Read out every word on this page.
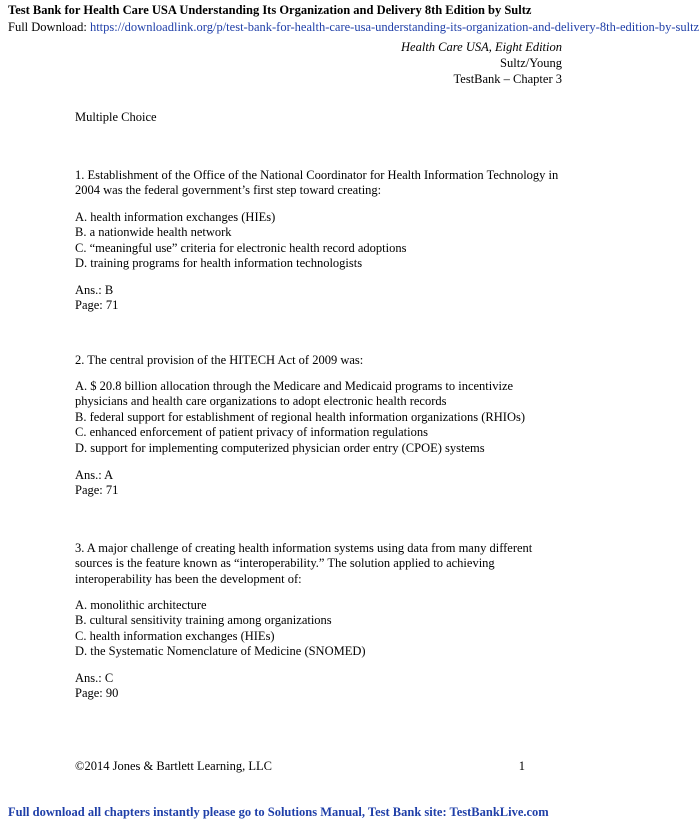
Test Bank for Health Care USA Understanding Its Organization and Delivery 8th Edition by Sultz
Full Download: https://downloadlink.org/p/test-bank-for-health-care-usa-understanding-its-organization-and-delivery-8th-edition-by-sultz
Health Care USA, Eight Edition
Sultz/Young
TestBank – Chapter 3

Multiple Choice

1. Establishment of the Office of the National Coordinator for Health Information Technology in

2004 was the federal government’s first step toward creating:

A. health information exchanges (HIEs)

B. a nationwide health network

C. “meaningful use” criteria for electronic health record adoptions

D. training programs for health information technologists

Ans.: B

Page: 71

2. The central provision of the HITECH Act of 2009 was:

A. $ 20.8 billion allocation through the Medicare and Medicaid programs to incentivize

physicians and health care organizations to adopt electronic health records

B. federal support for establishment of regional health information organizations (RHIOs)

C. enhanced enforcement of patient privacy of information regulations

D. support for implementing computerized physician order entry (CPOE) systems

Ans.: A

Page: 71

3. A major challenge of creating health information systems using data from many different

sources is the feature known as “interoperability.” The solution applied to achieving

interoperability has been the development of:

A. monolithic architecture

B. cultural sensitivity training among organizations

C. health information exchanges (HIEs)

D. the Systematic Nomenclature of Medicine (SNOMED)

Ans.: C

Page: 90

©2014 Jones & Bartlett Learning, LLC	1
Full download all chapters instantly please go to Solutions Manual, Test Bank site: TestBankLive.com
